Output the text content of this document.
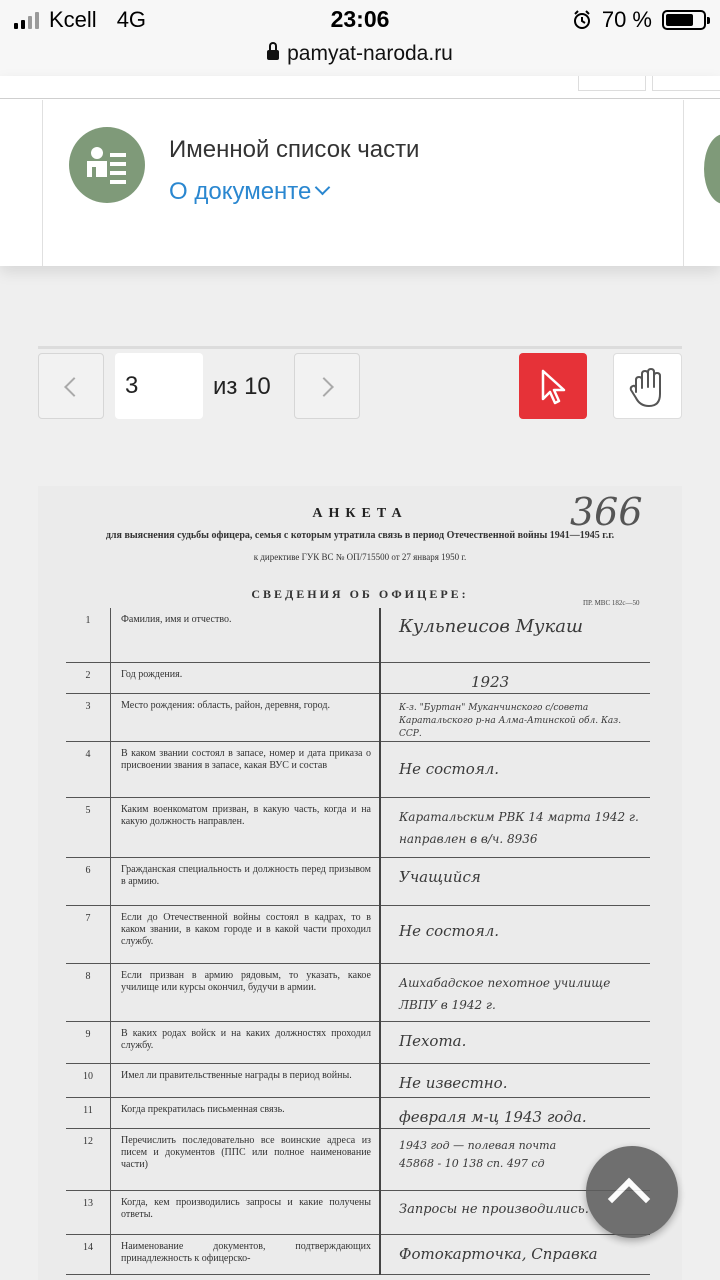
Kcell 4G	23:06	70 %
pamyat-naroda.ru
Именной список части
О документе
3
из 10
366
АНКЕТА
для выяснения судьбы офицера, семья с которым утратила связь в период Отечественной войны 1941—1945 г.г.
к директиве ГУК ВС № ОП/715500 от 27 января 1950 г.
СВЕДЕНИЯ ОБ ОФИЦЕРЕ:
ПР. МВС 182с—50
1	Фамилия, имя и отчество.	Кульпеисов Мукаш
2	Год рождения.	1923
3	Место рождения: область, район, деревня, город.	К-з. "Буртан" Муканчинского с/совета Каратальского р-на Алма-Атинской обл. Каз. ССР.
4	В каком звании состоял в запасе, номер и дата приказа о присвоении звания в запасе, какая ВУС и состав	Не состоял.
5	Каким военкоматом призван, в какую часть, когда и на какую должность направлен.	Каратальским РВК 14 марта 1942 г. направлен в в/ч. 8936
6	Гражданская специальность и должность перед призывом в армию.	Учащийся
7	Если до Отечественной войны состоял в кадрах, то в каком звании, в каком городе и в какой части проходил службу.	Не состоял.
8	Если призван в армию рядовым, то указать, какое училище или курсы окончил, будучи в армии.	Ашхабадское пехотное училище ЛВПУ в 1942 г.
9	В каких родах войск и на каких должностях проходил службу.	Пехота.
10	Имел ли правительственные награды в период войны.	Не известно.
11	Когда прекратилась письменная связь.	февраля м-ц 1943 года.
12	Перечислить последовательно все воинские адреса из писем и документов (ППС или полное наименование части)	1943 год — полевая почта 45868 - 10 138 сп. 497 сд
13	Когда, кем производились запросы и какие получены ответы.	Запросы не производились.
14	Наименование документов, подтверждающих принадлежность к офицерско-	Фотокарточка, Справка
